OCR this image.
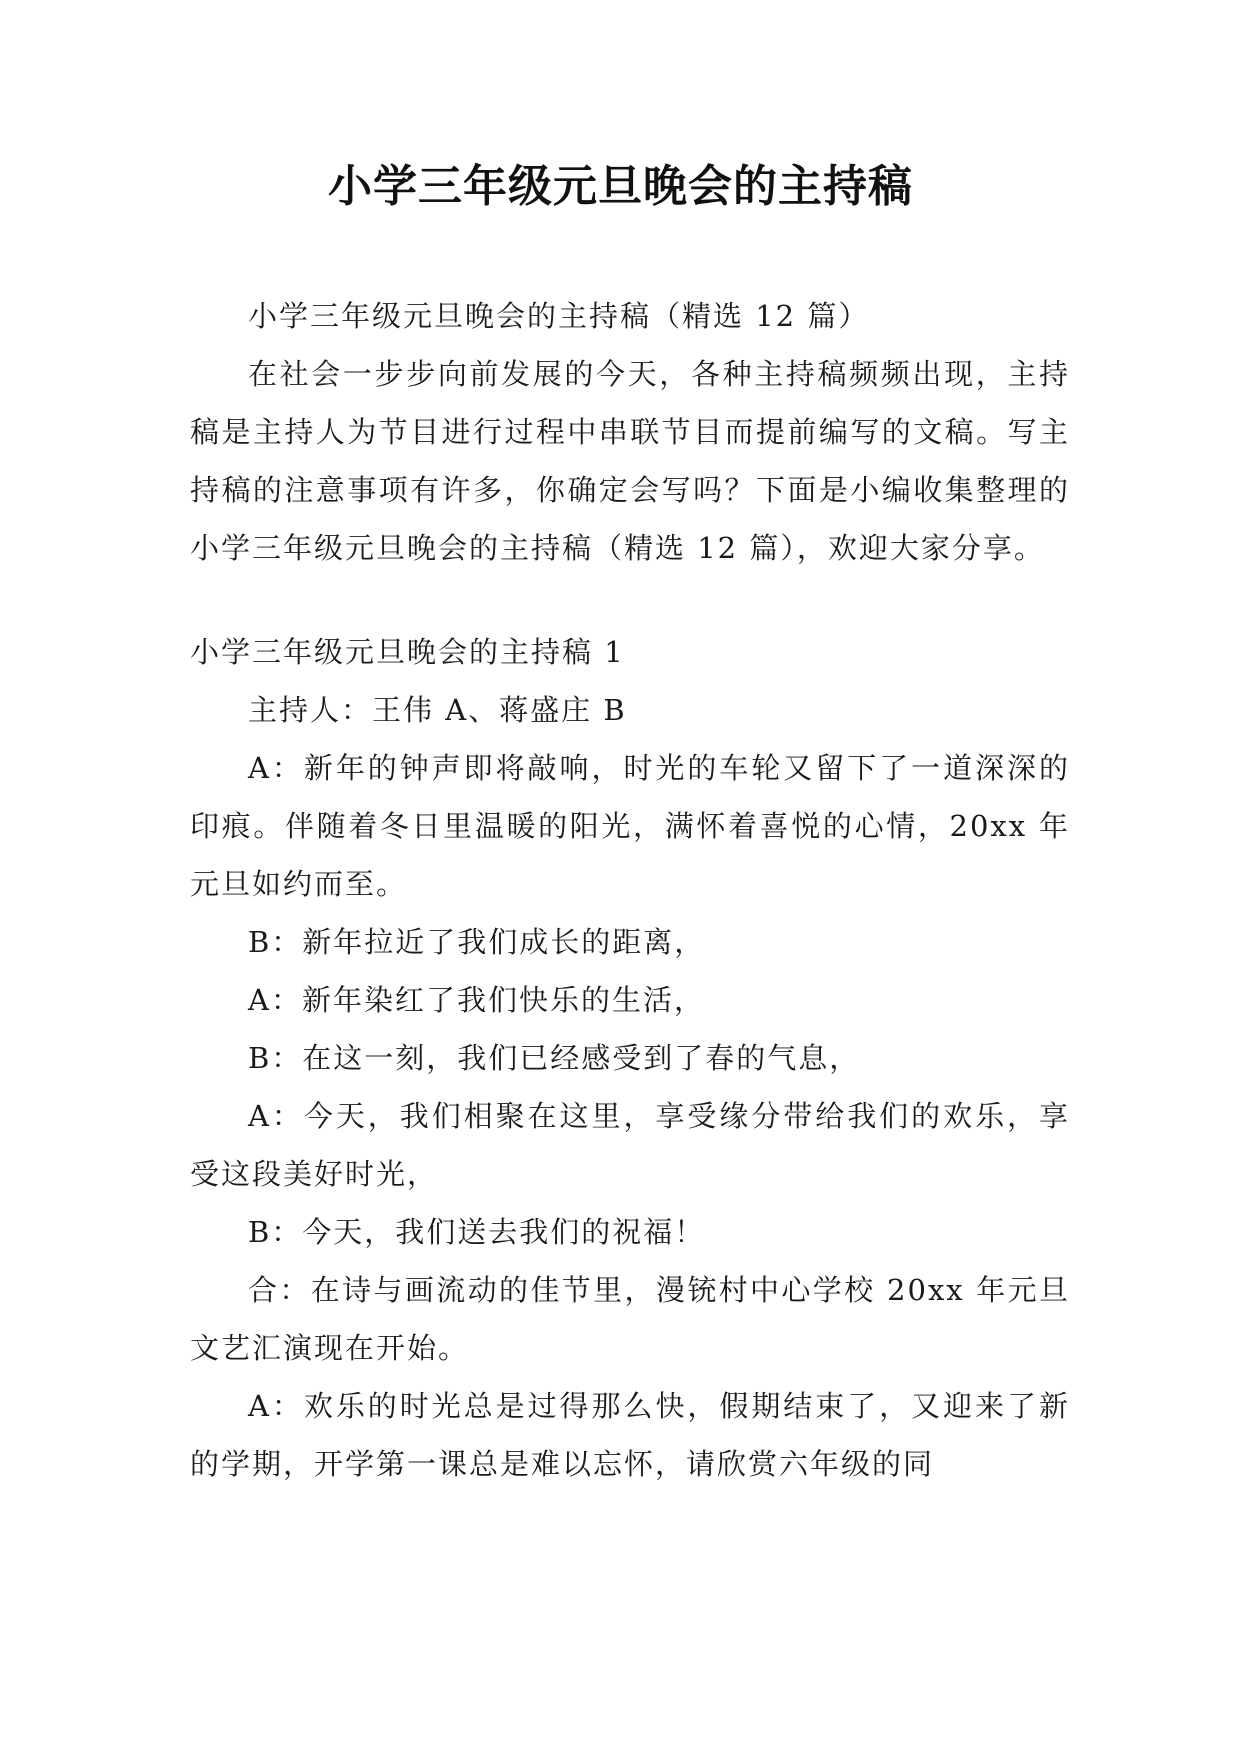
小学三年级元旦晚会的主持稿

小学三年级元旦晚会的主持稿（精选 12 篇）

在社会一步步向前发展的今天，各种主持稿频频出现，主持稿是主持人为节目进行过程中串联节目而提前编写的文稿。写主持稿的注意事项有许多，你确定会写吗？下面是小编收集整理的小学三年级元旦晚会的主持稿（精选 12 篇），欢迎大家分享。

小学三年级元旦晚会的主持稿 1

主持人：王伟 A、蒋盛庄 B

A：新年的钟声即将敲响，时光的车轮又留下了一道深深的印痕。伴随着冬日里温暖的阳光，满怀着喜悦的心情，20xx 年元旦如约而至。

B：新年拉近了我们成长的距离，

A：新年染红了我们快乐的生活，

B：在这一刻，我们已经感受到了春的气息，

A：今天，我们相聚在这里，享受缘分带给我们的欢乐，享受这段美好时光，

B：今天，我们送去我们的祝福！

合：在诗与画流动的佳节里，漫铳村中心学校 20xx 年元旦文艺汇演现在开始。

A：欢乐的时光总是过得那么快，假期结束了，又迎来了新的学期，开学第一课总是难以忘怀，请欣赏六年级的同
